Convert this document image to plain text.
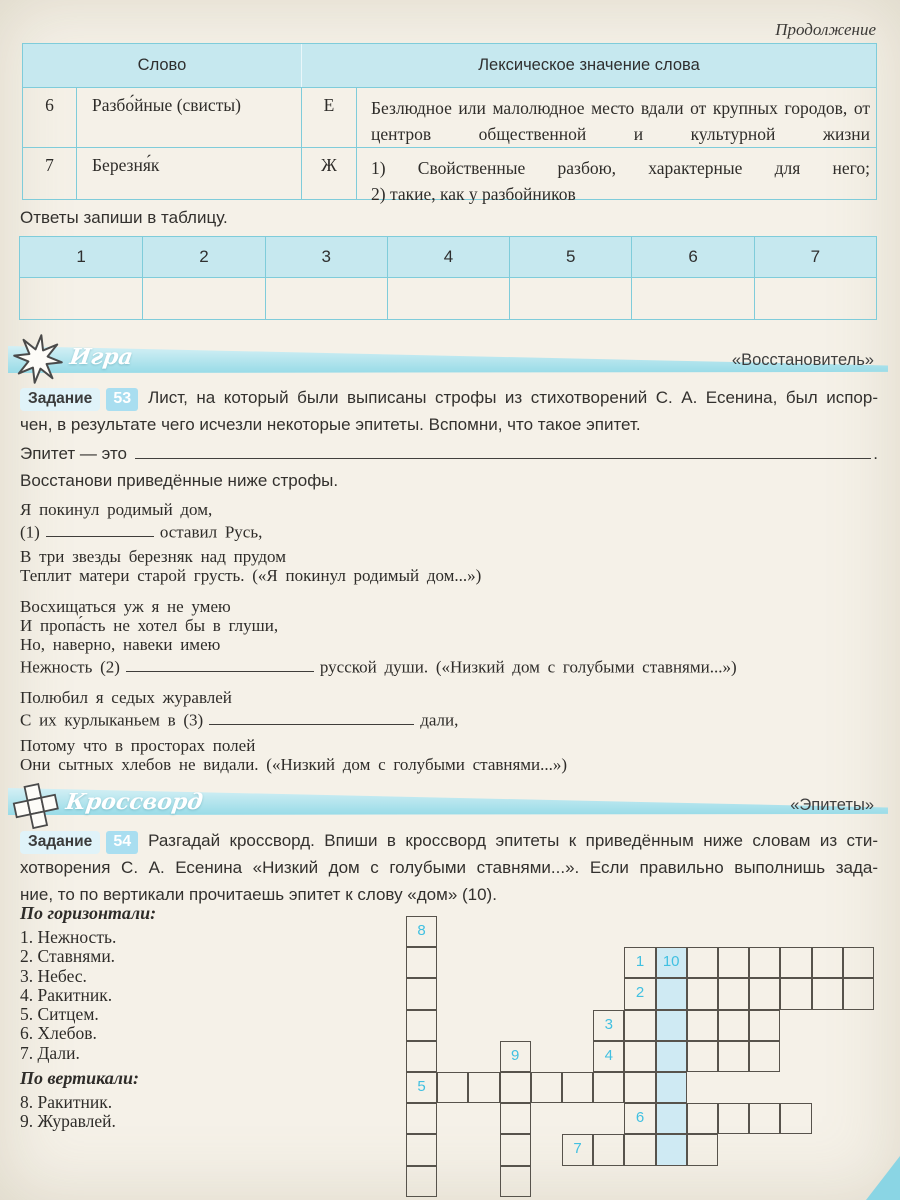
Продолжение
Слово	Лексическое значение слова
6	Разбо́йные (свисты)	Е	Безлюдное или малолюдное место вдали от крупных городов, от центров общественной и культурной жизни
7	Березня́к	Ж	1) Свойственные разбою, характерные для него;
2) такие, как у разбойников
Ответы запиши в таблицу.
1	2	3	4	5	6	7
Игра	«Восстановитель»
Задание 53 Лист, на который были выписаны строфы из стихотворений С. А. Есенина, был испор-
чен, в результате чего исчезли некоторые эпитеты. Вспомни, что такое эпитет.
Эпитет — это	.
Восстанови приведённые ниже строфы.
Я покинул родимый дом,
(1)	оставил Русь,
В три звезды березняк над прудом
Теплит матери старой грусть. («Я покинул родимый дом...»)
Восхищаться уж я не умею
И пропа́сть не хотел бы в глуши,
Но, наверно, навеки имею
Нежность (2)	русской души. («Низкий дом с голубыми ставнями...»)
Полюбил я седых журавлей
С их курлыканьем в (3)	дали,
Потому что в просторах полей
Они сытных хлебов не видали. («Низкий дом с голубыми ставнями...»)
Кроссворд	«Эпитеты»
Задание 54 Разгадай кроссворд. Впиши в кроссворд эпитеты к приведённым ниже словам из сти-
хотворения С. А. Есенина «Низкий дом с голубыми ставнями...». Если правильно выполнишь зада-
ние, то по вертикали прочитаешь эпитет к слову «дом» (10).
По горизонтали:
1. Нежность.
2. Ставнями.
3. Небес.
4. Ракитник.
5. Ситцем.
6. Хлебов.
7. Дали.
По вертикали:
8. Ракитник.
9. Журавлей.
10
1
2
3
4
5
6
7
8
9
